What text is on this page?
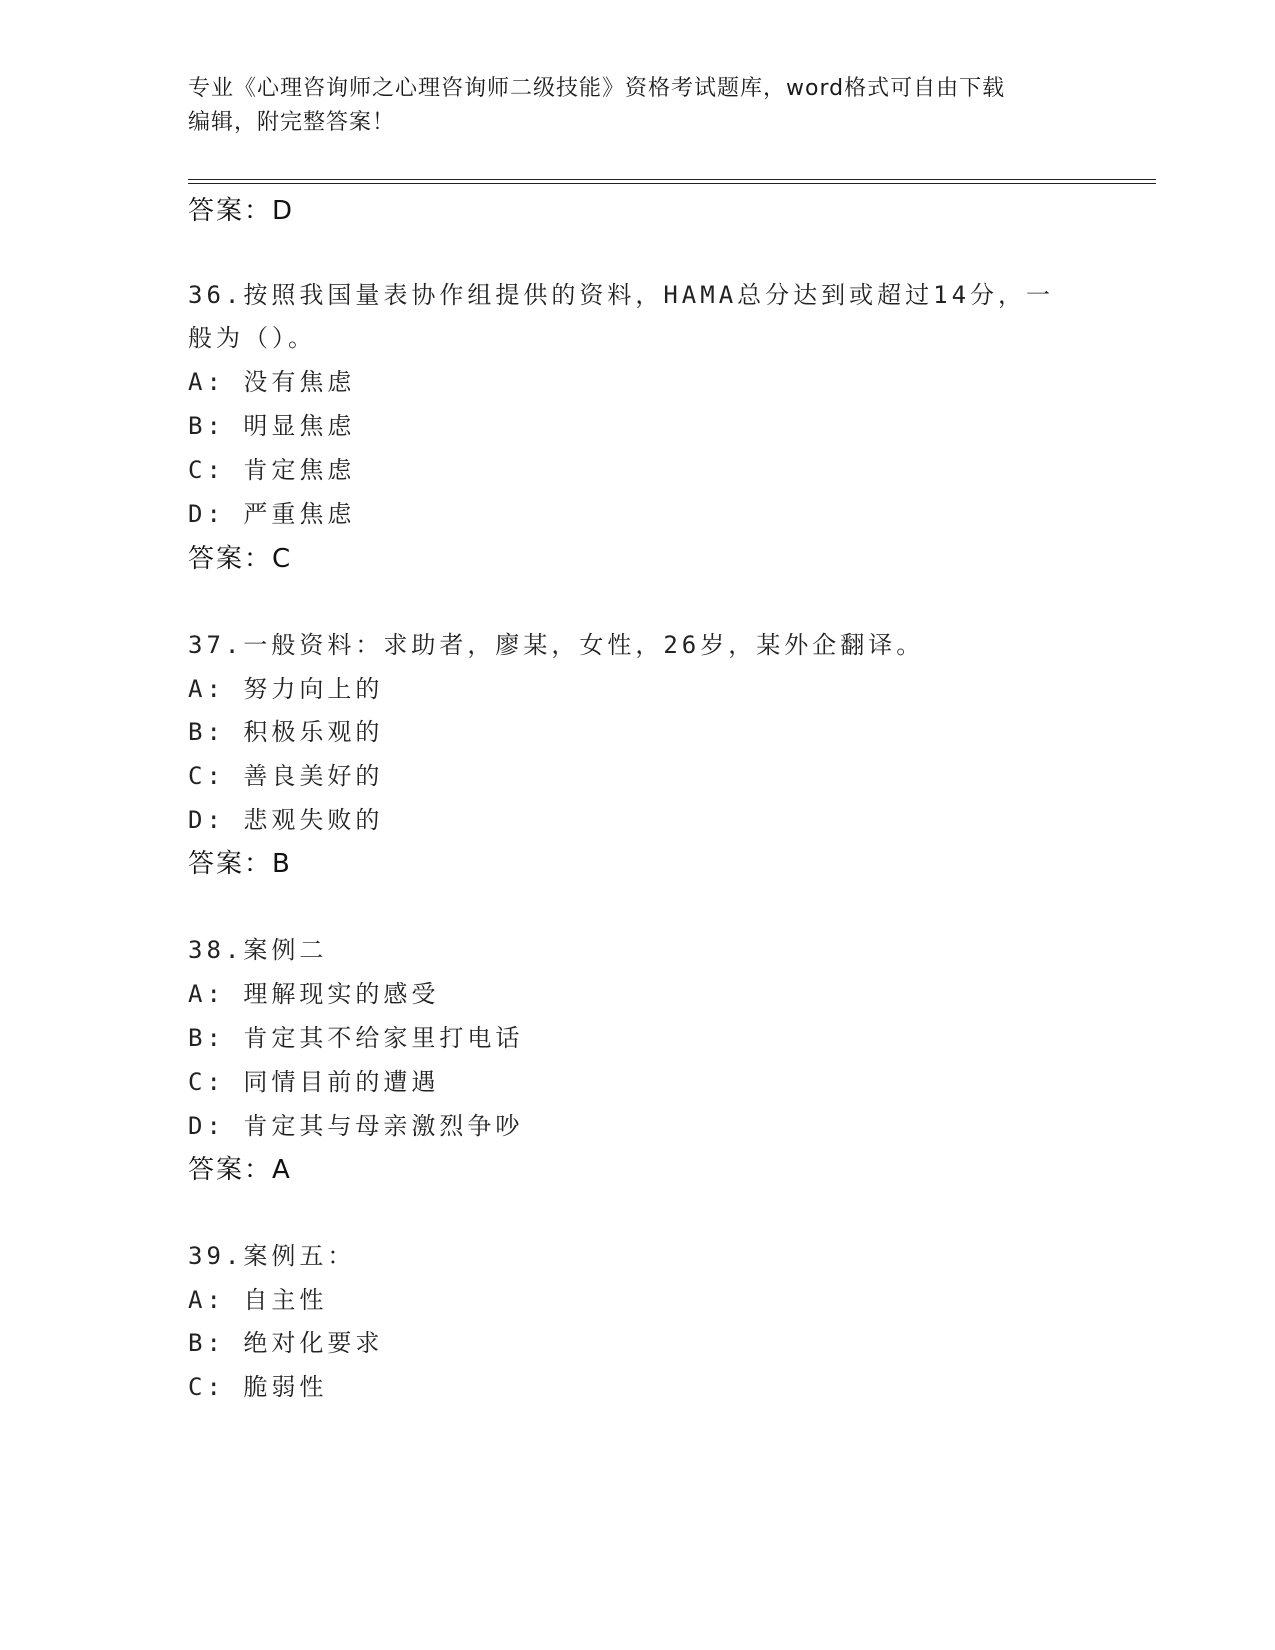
专业《心理咨询师之心理咨询师二级技能》资格考试题库，word格式可自由下载
编辑，附完整答案！
答案：D
36.按照我国量表协作组提供的资料，HAMA总分达到或超过14分，一
般为（）。
A: 没有焦虑
B: 明显焦虑
C: 肯定焦虑
D: 严重焦虑
答案：C
37.一般资料：求助者，廖某，女性，26岁，某外企翻译。
A: 努力向上的
B: 积极乐观的
C: 善良美好的
D: 悲观失败的
答案：B
38.案例二
A: 理解现实的感受
B: 肯定其不给家里打电话
C: 同情目前的遭遇
D: 肯定其与母亲激烈争吵
答案：A
39.案例五：
A: 自主性
B: 绝对化要求
C: 脆弱性
